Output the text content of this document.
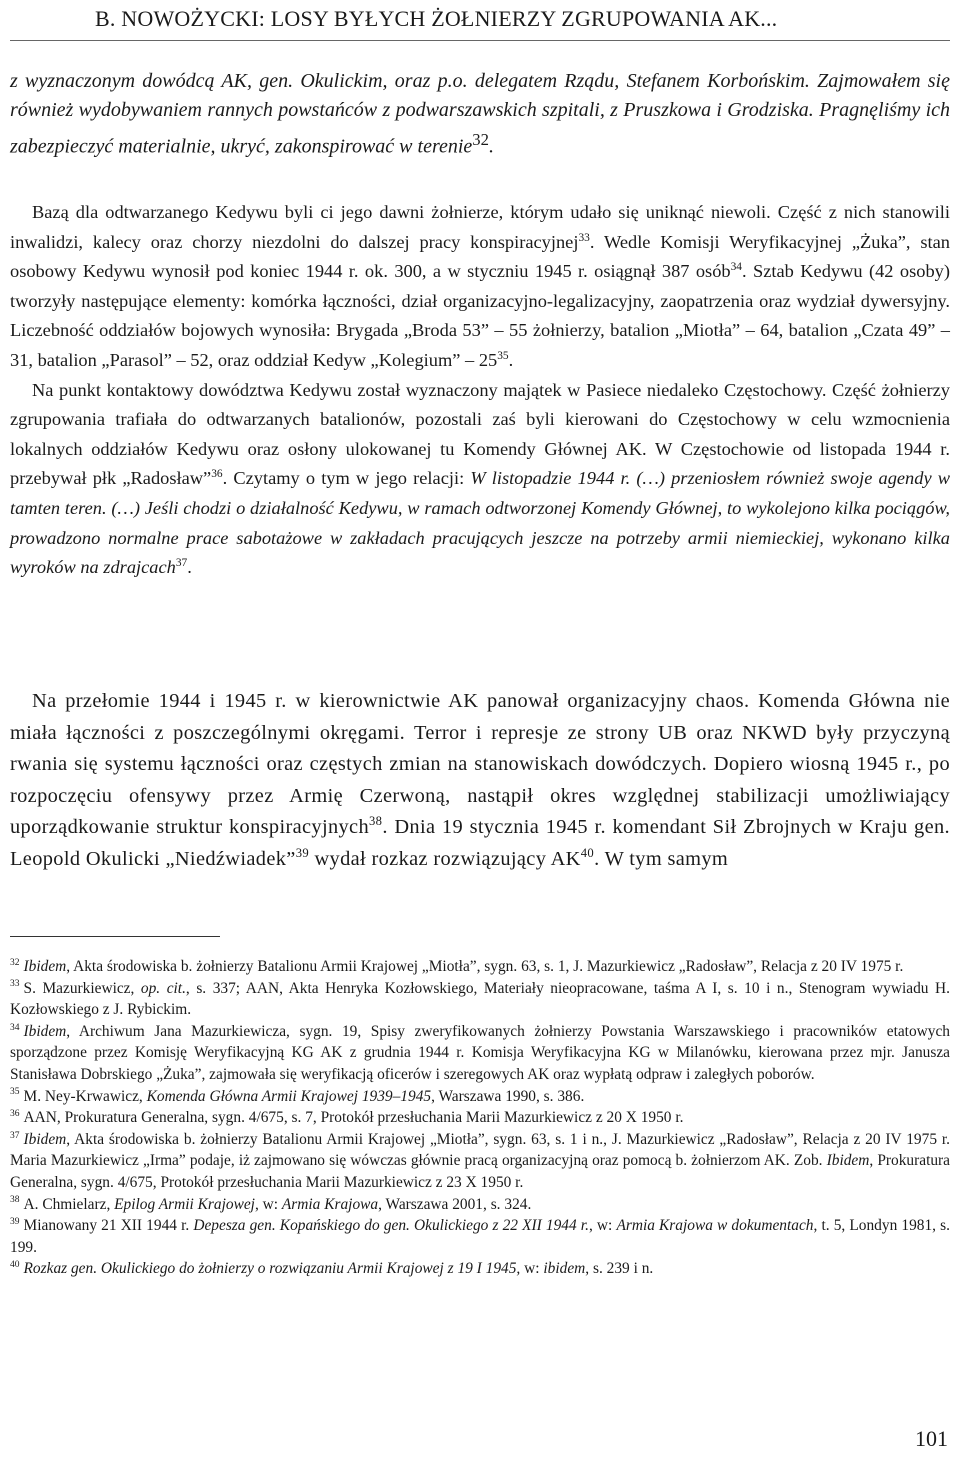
B. NOWOŻYCKI: LOSY BYŁYCH ŻOŁNIERZY ZGRUPOWANIA AK...

z wyznaczonym dowódcą AK, gen. Okulickim, oraz p.o. delegatem Rządu, Stefanem Korbońskim. Zajmowałem się również wydobywaniem rannych powstańców z podwarszawskich szpitali, z Pruszkowa i Grodziska. Pragnęliśmy ich zabezpieczyć materialnie, ukryć, zakonspirować w terenie$^{32}$.

Bazą dla odtwarzanego Kedywu byli ci jego dawni żołnierze, którym udało się uniknąć niewoli. Część z nich stanowili inwalidzi, kalecy oraz chorzy niezdolni do dalszej pracy konspiracyjnej$^{33}$. Wedle Komisji Weryfikacyjnej „Żuka”, stan osobowy Kedywu wynosił pod koniec 1944 r. ok. 300, a w styczniu 1945 r. osiągnął 387 osób$^{34}$. Sztab Kedywu (42 osoby) tworzyły następujące elementy: komórka łączności, dział organizacyjno-legalizacyjny, zaopatrzenia oraz wydział dywersyjny. Liczebność oddziałów bojowych wynosiła: Brygada „Broda 53” – 55 żołnierzy, batalion „Miotła” – 64, batalion „Czata 49” – 31, batalion „Parasol” – 52, oraz oddział Kedyw „Kolegium” – $25^{35}$.

Na punkt kontaktowy dowództwa Kedywu został wyznaczony majątek w Pasiece niedaleko Częstochowy. Część żołnierzy zgrupowania trafiała do odtwarzanych batalionów, pozostali zaś byli kierowani do Częstochowy w celu wzmocnienia lokalnych oddziałów Kedywu oraz osłony ulokowanej tu Komendy Głównej AK. W Częstochowie od listopada 1944 r. przebywał płk „Radosław”$^{36}$. Czytamy o tym w jego relacji: W listopadzie 1944 r. (…) przeniosłem również swoje agendy w tamten teren. (…) Jeśli chodzi o działalność Kedywu, w ramach odtworzonej Komendy Głównej, to wykolejono kilka pociągów, prowadzono normalne prace sabotażowe w zakładach pracujących jeszcze na potrzeby armii niemieckiej, wykonano kilka wyroków na zdrajcach$^{37}$.

Na przełomie 1944 i 1945 r. w kierownictwie AK panował organizacyjny chaos. Komenda Główna nie miała łączności z poszczególnymi okręgami. Terror i represje ze strony UB oraz NKWD były przyczyną rwania się systemu łączności oraz częstych zmian na stanowiskach dowódczych. Dopiero wiosną 1945 r., po rozpoczęciu ofensywy przez Armię Czerwoną, nastąpił okres względnej stabilizacji umożliwiający uporządkowanie struktur konspiracyjnych$^{38}$. Dnia 19 stycznia 1945 r. komendant Sił Zbrojnych w Kraju gen. Leopold Okulicki „Niedźwiadek”$^{39}$ wydał rozkaz rozwiązujący AK$^{40}$. W tym samym

$^{32}$ Ibidem, Akta środowiska b. żołnierzy Batalionu Armii Krajowej „Miotła”, sygn. 63, s. 1, J. Mazurkiewicz „Radosław”, Relacja z 20 IV 1975 r.

$^{33}$ S. Mazurkiewicz, op. cit., s. 337; AAN, Akta Henryka Kozłowskiego, Materiały nieopracowane, taśma A I, s. 10 i n., Stenogram wywiadu H. Kozłowskiego z J. Rybickim.

$^{34}$ Ibidem, Archiwum Jana Mazurkiewicza, sygn. 19, Spisy zweryfikowanych żołnierzy Powstania Warszawskiego i pracowników etatowych sporządzone przez Komisję Weryfikacyjną KG AK z grudnia 1944 r. Komisja Weryfikacyjna KG w Milanówku, kierowana przez mjr. Janusza Stanisława Dobrskiego „Żuka”, zajmowała się weryfikacją oficerów i szeregowych AK oraz wypłatą odpraw i zaległych poborów.

$^{35}$ M. Ney-Krwawicz, Komenda Główna Armii Krajowej 1939–1945, Warszawa 1990, s. 386.

$^{36}$ AAN, Prokuratura Generalna, sygn. 4/675, s. 7, Protokół przesłuchania Marii Mazurkiewicz z 20 X 1950 r.

$^{37}$ Ibidem, Akta środowiska b. żołnierzy Batalionu Armii Krajowej „Miotła”, sygn. 63, s. 1 i n., J. Mazurkiewicz „Radosław”, Relacja z 20 IV 1975 r. Maria Mazurkiewicz „Irma” podaje, iż zajmowano się wówczas głównie pracą organizacyjną oraz pomocą b. żołnierzom AK. Zob. Ibidem, Prokuratura Generalna, sygn. 4/675, Protokół przesłuchania Marii Mazurkiewicz z 23 X 1950 r.

$^{38}$ A. Chmielarz, Epilog Armii Krajowej, w: Armia Krajowa, Warszawa 2001, s. 324.

$^{39}$ Mianowany 21 XII 1944 r. Depesza gen. Kopańskiego do gen. Okulickiego z 22 XII 1944 r., w: Armia Krajowa w dokumentach, t. 5, Londyn 1981, s. 199.

$^{40}$ Rozkaz gen. Okulickiego do żołnierzy o rozwiązaniu Armii Krajowej z 19 I 1945, w: ibidem, s. 239 i n.

101
